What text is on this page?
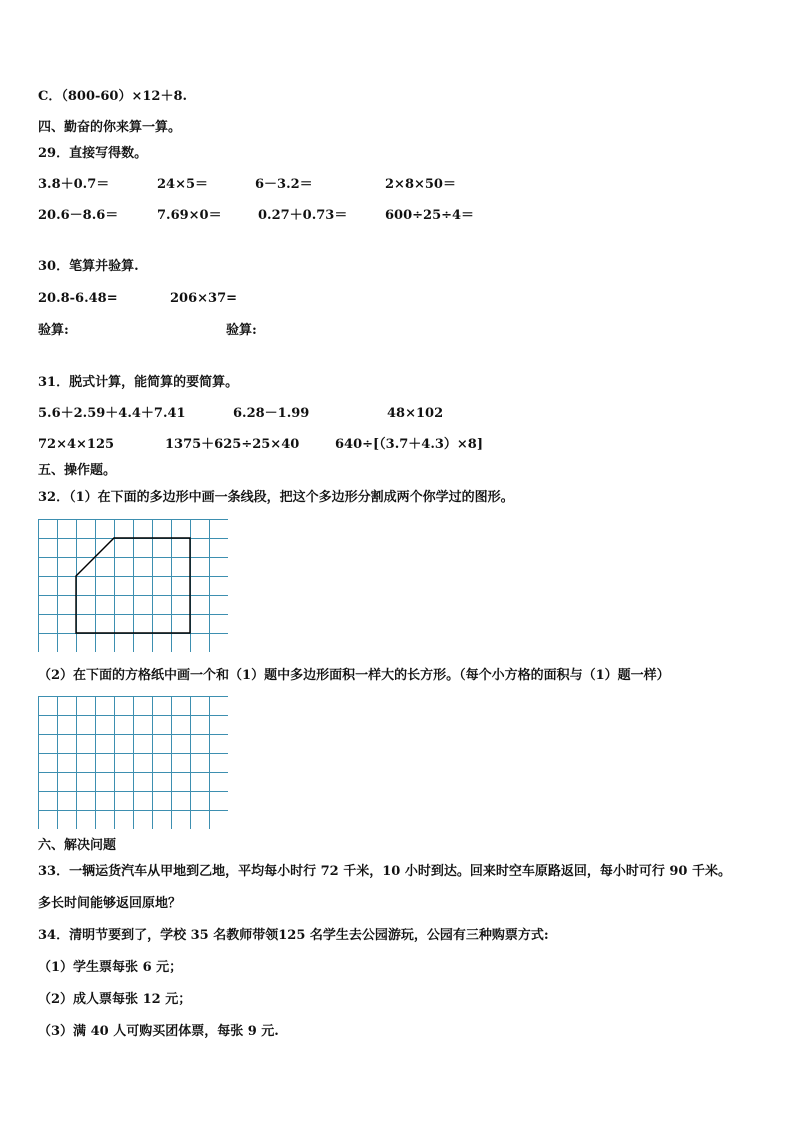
C．（800-60）×12＋8.
四、勤奋的你来算一算。
29．直接写得数。
3.8＋0.7＝	24×5＝	6－3.2＝	2×8×50＝
20.6－8.6＝	7.69×0＝	0.27＋0.73＝	600÷25÷4＝
30．笔算并验算.
20.8-6.48=	206×37=
验算:	验算:
31．脱式计算，能简算的要简算。
5.6＋2.59＋4.4＋7.41	6.28－1.99	48×102
72×4×125	1375＋625÷25×40	640÷[（3.7＋4.3）×8]
五、操作题。
32．（1）在下面的多边形中画一条线段，把这个多边形分割成两个你学过的图形。
（2）在下面的方格纸中画一个和（1）题中多边形面积一样大的长方形。（每个小方格的面积与（1）题一样）
六、解决问题
33．一辆运货汽车从甲地到乙地，平均每小时行 72 千米，10 小时到达。回来时空车原路返回，每小时可行 90 千米。
多长时间能够返回原地？
34．清明节要到了，学校 35 名教师带领125 名学生去公园游玩，公园有三种购票方式:
（1）学生票每张 6 元；
（2）成人票每张 12 元；
（3）满 40 人可购买团体票，每张 9 元.
